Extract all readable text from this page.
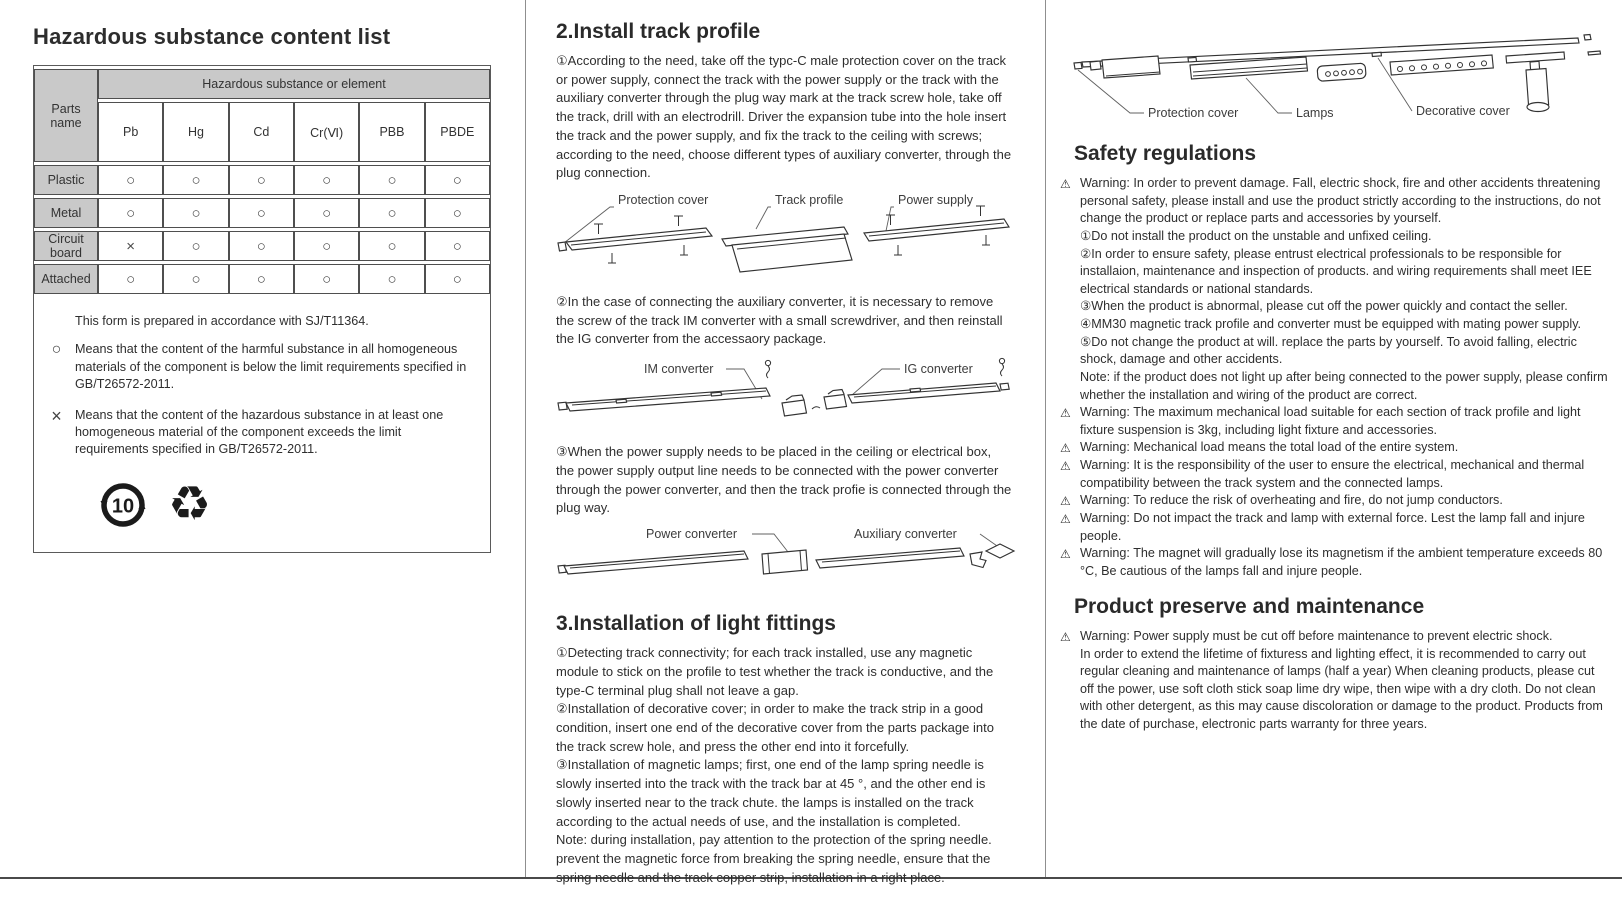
Hazardous substance content list
Parts
name	Hazardous substance or element					
	Pb	Hg	Cd	Cr(Ⅵ)	PBB	PBDE
Plastic	○	○	○	○	○	○
Metal	○	○	○	○	○	○
Circuit board	×	○	○	○	○	○
Attached	○	○	○	○	○	○
This form is prepared in accordance with SJ/T11364.
○ Means that the content of the harmful substance in all homogeneous materials of the component is below the limit requirements specified in GB/T26572-2011.
× Means that the content of the hazardous substance in at least one homogeneous material of the component exceeds the limit requirements specified in GB/T26572-2011.
10 ♻
2.Install track profile

①According to the need, take off the typc-C male protection cover on the track or power supply, connect the track with the power supply or the track with the auxiliary converter through the plug way mark at the track screw hole, take off the track, drill with an electrodrill. Driver the expansion tube into the hole insert the track and the power supply, and fix the track to the ceiling with screws; according to the need, choose different types of auxiliary converter, through the plug connection.

Protection cover	Track profile	Power supply

②In the case of connecting the auxiliary converter, it is necessary to remove the screw of the track IM converter with a small screwdriver, and then reinstall the IG converter from the accessaory package.

IM converter	IG converter

③When the power supply needs to be placed in the ceiling or electrical box, the power supply output line needs to be connected with the power converter through the power converter, and then the track profie is connected through the plug way.

Power converter	Auxiliary converter
3.Installation of light fittings

①Detecting track connectivity; for each track installed, use any magnetic module to stick on the profile to test whether the track is conductive, and the type-C terminal plug shall not leave a gap.

②Installation of decorative cover; in order to make the track strip in a good condition, insert one end of the decorative cover from the parts package into the track screw hole, and press the other end into it forcefully.

③Installation of magnetic lamps; first, one end of the lamp spring needle is slowly inserted into the track with the track bar at 45 °, and the other end is slowly inserted near to the track chute. the lamps is installed on the track according to the actual needs of use, and the installation is completed.

Note: during installation, pay attention to the protection of the spring needle. prevent the magnetic force from breaking the spring needle, ensure that the spring needle and the track copper strip, installation in a right place.

Protection cover	Lamps	Decorative cover
Safety regulations
⚠ Warning: In order to prevent damage. Fall, electric shock, fire and other accidents threatening personal safety, please install and use the product strictly according to the instructions, do not change the product or replace parts and accessories by yourself.
①Do not install the product on the unstable and unfixed ceiling.
②In order to ensure safety, please entrust electrical professionals to be responsible for installaion, maintenance and inspection of products. and wiring requirements shall meet IEE electrical standards or national standards.
③When the product is abnormal, please cut off the power quickly and contact the seller.
④MM30 magnetic track profile and converter must be equipped with mating power supply.
⑤Do not change the product at will. replace the parts by yourself. To avoid falling, electric shock, damage and other accidents.
Note: if the product does not light up after being connected to the power supply, please confirm whether the installation and wiring of the product are correct.
⚠ Warning: The maximum mechanical load suitable for each section of track profile and light fixture suspension is 3kg, including light fixture and accessories.
⚠ Warning: Mechanical load means the total load of the entire system.
⚠ Warning: It is the responsibility of the user to ensure the electrical, mechanical and thermal compatibility between the track system and the connected lamps.
⚠ Warning: To reduce the risk of overheating and fire, do not jump conductors.
⚠ Warning: Do not impact the track and lamp with external force. Lest the lamp fall and injure people.
⚠ Warning: The magnet will gradually lose its magnetism if the ambient temperature exceeds 80 °C, Be cautious of the lamps fall and injure people.
Product preserve and maintenance
⚠ Warning: Power supply must be cut off before maintenance to prevent electric shock.
In order to extend the lifetime of fixturess and lighting effect, it is recommended to carry out regular cleaning and maintenance of lamps (half a year) When cleaning products, please cut off the power, use soft cloth stick soap lime dry wipe, then wipe with a dry cloth. Do not clean with other detergent, as this may cause discoloration or damage to the product. Products from the date of purchase, electronic parts warranty for three years.
